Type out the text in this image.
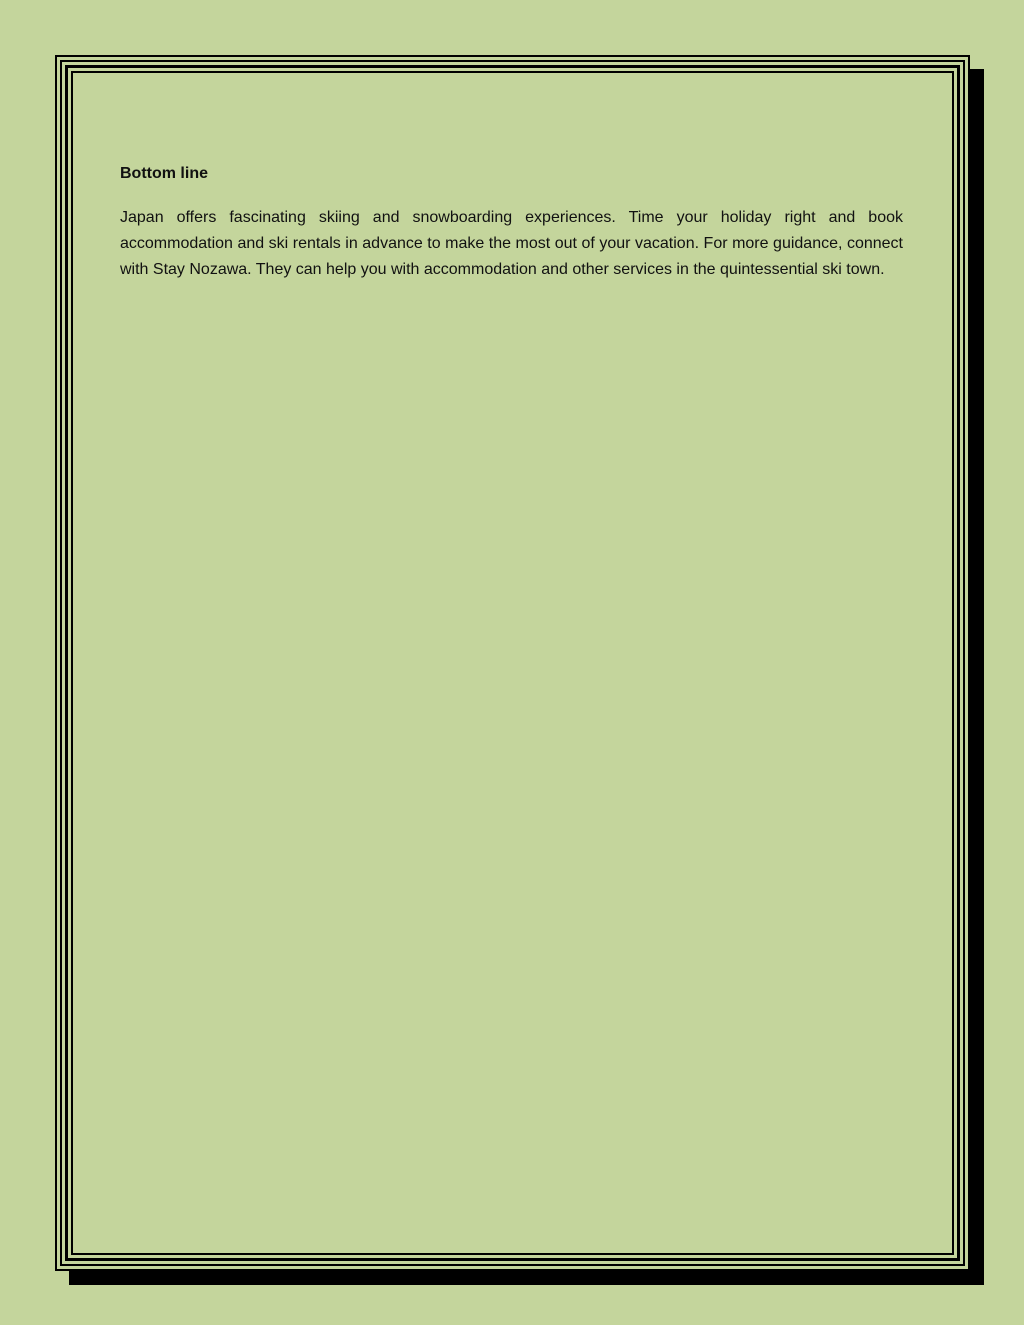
Bottom line

Japan offers fascinating skiing and snowboarding experiences. Time your holiday right and book accommodation and ski rentals in advance to make the most out of your vacation. For more guidance, connect with Stay Nozawa. They can help you with accommodation and other services in the quintessential ski town.
